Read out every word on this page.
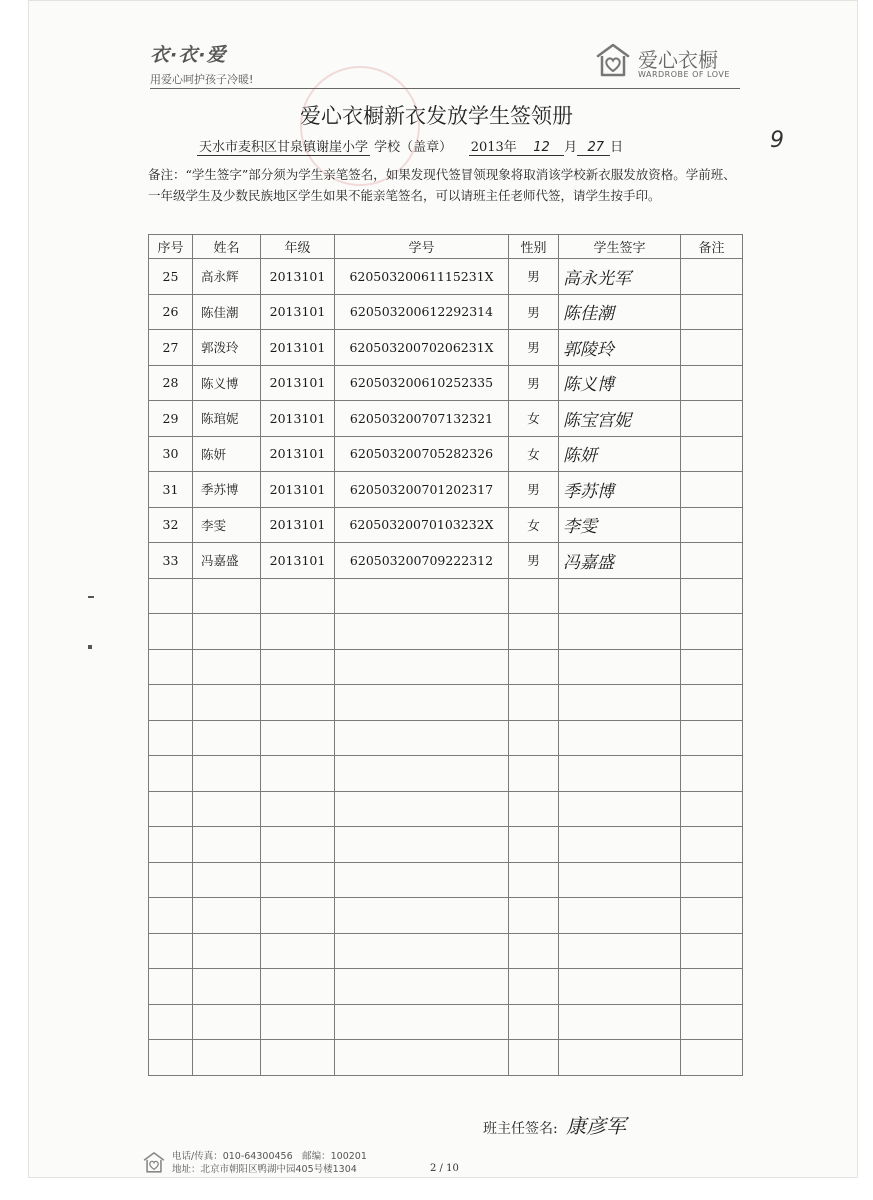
衣·衣·爱
用爱心呵护孩子冷暖!
爱心衣橱
WARDROBE OF LOVE
爱心衣橱新衣发放学生签领册
天水市麦积区甘泉镇谢崖小学 学校（盖章） 2013年 12 月 27 日	9
备注：“学生签字”部分须为学生亲笔签名，如果发现代签冒领现象将取消该学校新衣服发放资格。学前班、一年级学生及少数民族地区学生如果不能亲笔签名，可以请班主任老师代签，请学生按手印。
序号	姓名	年级	学号	性别	学生签字	备注
25	高永辉	2013101	62050320061115231X	男	高永光军	
26	陈佳潮	2013101	620503200612292314	男	陈佳潮	
27	郭泼玲	2013101	62050320070206231X	男	郭陵玲	
28	陈义博	2013101	620503200610252335	男	陈义博	
29	陈琯妮	2013101	620503200707132321	女	陈宝宫妮	
30	陈妍	2013101	620503200705282326	女	陈妍	
31	季苏博	2013101	620503200701202317	男	季苏博	
32	李雯	2013101	62050320070103232X	女	李雯	
33	冯嘉盛	2013101	620503200709222312	男	冯嘉盛	

班主任签名: 康彦军
电话/传真：010-64300456　邮编：100201
地址：北京市朝阳区鸭湖中园405号楼1304	2 / 10
